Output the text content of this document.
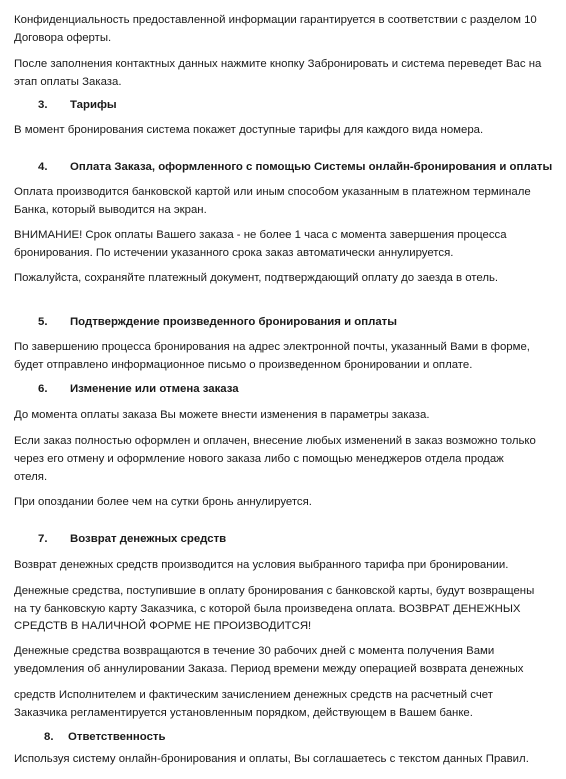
Конфиденциальность предоставленной информации гарантируется в соответствии с разделом 10

Договора оферты.

После заполнения контактных данных нажмите кнопку Забронировать и система переведет Вас на

этап оплаты Заказа.

3. Тарифы

В момент бронирования система покажет доступные тарифы для каждого вида номера.

4. Оплата Заказа, оформленного с помощью Системы онлайн-бронирования и оплаты

Оплата производится банковской картой или иным способом указанным в платежном терминале

Банка, который выводится на экран.

ВНИМАНИЕ! Срок оплаты Вашего заказа - не более 1 часа с момента завершения процесса

бронирования. По истечении указанного срока заказ автоматически аннулируется.

Пожалуйста, сохраняйте платежный документ, подтверждающий оплату до заезда в отель.

5. Подтверждение произведенного бронирования и оплаты

По завершению процесса бронирования на адрес электронной почты, указанный Вами в форме,

будет отправлено информационное письмо о произведенном бронировании и оплате.

6. Изменение или отмена заказа

До момента оплаты заказа Вы можете внести изменения в параметры заказа.

Если заказ полностью оформлен и оплачен, внесение любых изменений в заказ возможно только

через его отмену и оформление нового заказа либо с помощью менеджеров отдела продаж

отеля.

При опоздании более чем на сутки бронь аннулируется.

7. Возврат денежных средств

Возврат денежных средств производится на условия выбранного тарифа при бронировании.

Денежные средства, поступившие в оплату бронирования с банковской карты, будут возвращены

на ту банковскую карту Заказчика, с которой была произведена оплата. ВОЗВРАТ ДЕНЕЖНЫХ

СРЕДСТВ В НАЛИЧНОЙ ФОРМЕ НЕ ПРОИЗВОДИТСЯ!

Денежные средства возвращаются в течение 30 рабочих дней с момента получения Вами

уведомления об аннулировании Заказа. Период времени между операцией возврата денежных

средств Исполнителем и фактическим зачислением денежных средств на расчетный счет

Заказчика регламентируется установленным порядком, действующем в Вашем банке.

8. Ответственность

Используя систему онлайн-бронирования и оплаты, Вы соглашаетесь с текстом данных Правил.
